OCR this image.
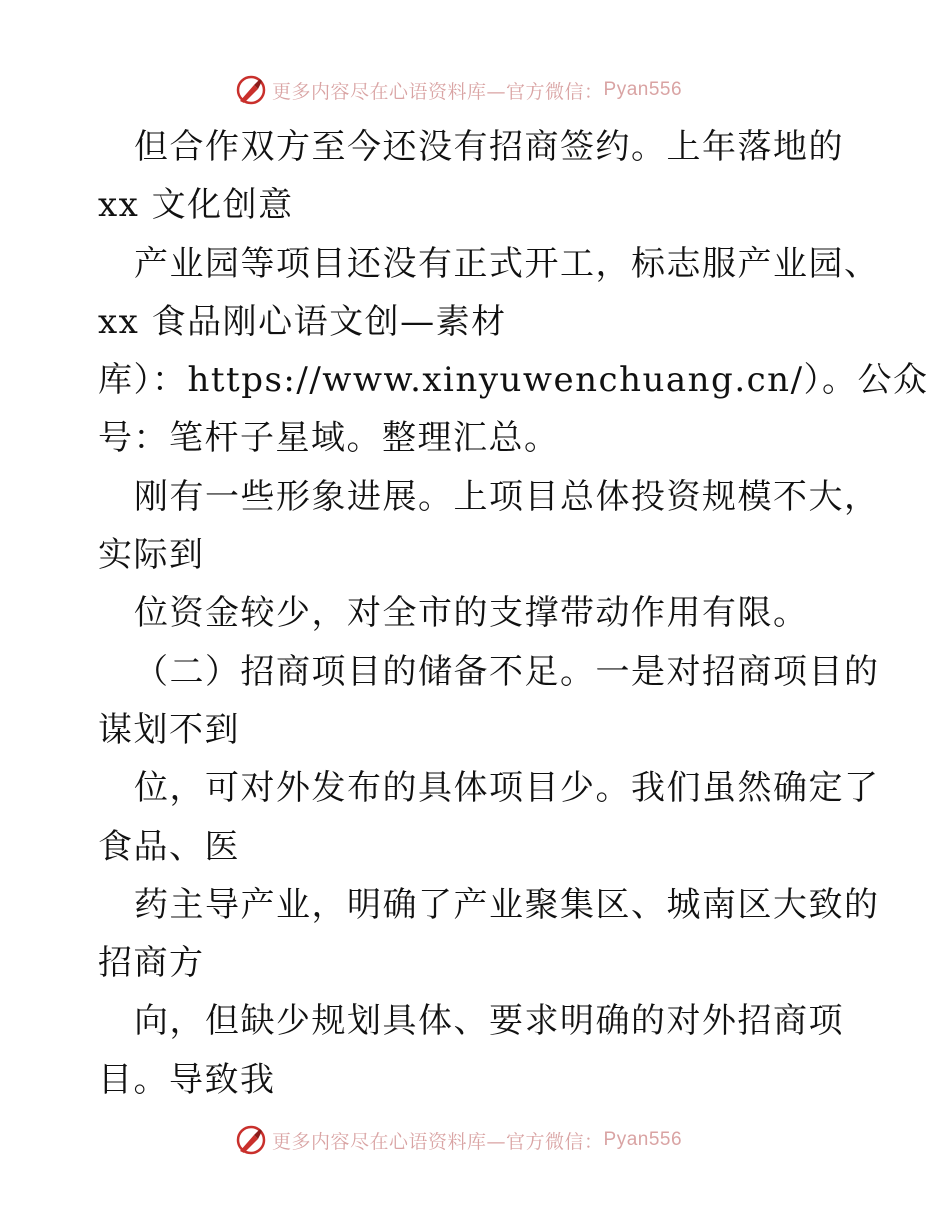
更多内容尽在心语资料库—官方微信： Pyan556
但合作双方至今还没有招商签约。上年落地的
xx 文化创意
产业园等项目还没有正式开工，标志服产业园、
xx 食品刚心语文创—素材
库）：https://www.xinyuwenchuang.cn/）。公众
号：笔杆子星域。整理汇总。
刚有一些形象进展。上项目总体投资规模不大，
实际到
位资金较少，对全市的支撑带动作用有限。
（二）招商项目的储备不足。一是对招商项目的
谋划不到
位，可对外发布的具体项目少。我们虽然确定了
食品、医
药主导产业，明确了产业聚集区、城南区大致的
招商方
向，但缺少规划具体、要求明确的对外招商项
目。导致我
更多内容尽在心语资料库—官方微信： Pyan556
